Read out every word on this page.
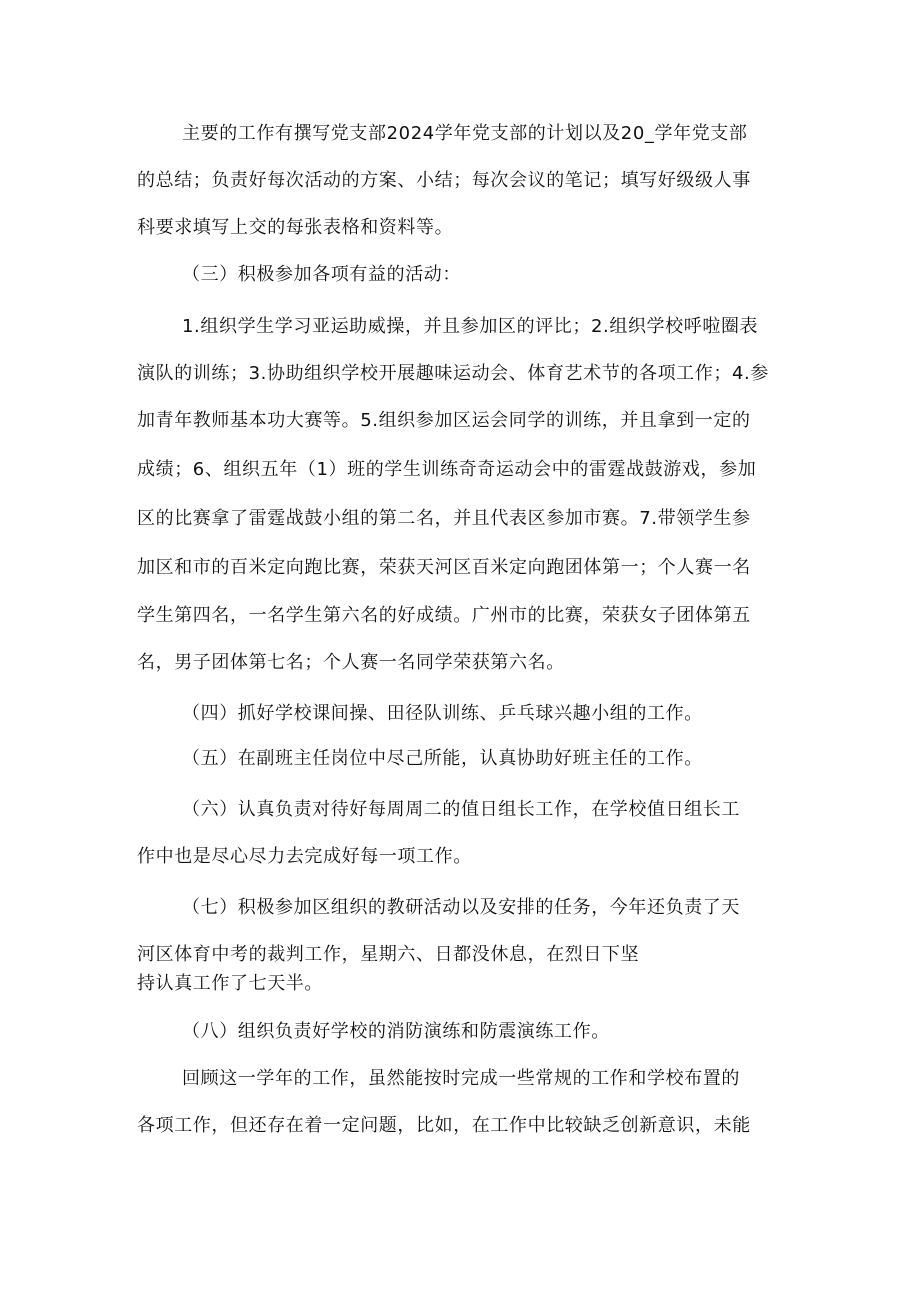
主要的工作有撰写党支部2024学年党支部的计划以及20_学年党支部
的总结；负责好每次活动的方案、小结；每次会议的笔记；填写好级级人事
科要求填写上交的每张表格和资料等。
（三）积极参加各项有益的活动：
1.组织学生学习亚运助威操，并且参加区的评比；2.组织学校呼啦圈表
演队的训练；3.协助组织学校开展趣味运动会、体育艺术节的各项工作；4.参
加青年教师基本功大赛等。5.组织参加区运会同学的训练，并且拿到一定的
成绩；6、组织五年（1）班的学生训练奇奇运动会中的雷霆战鼓游戏，参加
区的比赛拿了雷霆战鼓小组的第二名，并且代表区参加市赛。7.带领学生参
加区和市的百米定向跑比赛，荣获天河区百米定向跑团体第一；个人赛一名
学生第四名，一名学生第六名的好成绩。广州市的比赛，荣获女子团体第五
名，男子团体第七名；个人赛一名同学荣获第六名。
（四）抓好学校课间操、田径队训练、乒乓球兴趣小组的工作。
（五）在副班主任岗位中尽己所能，认真协助好班主任的工作。
（六）认真负责对待好每周周二的值日组长工作，在学校值日组长工
作中也是尽心尽力去完成好每一项工作。
（七）积极参加区组织的教研活动以及安排的任务，今年还负责了天
河区体育中考的裁判工作，星期六、日都没休息，在烈日下坚
持认真工作了七天半。
（八）组织负责好学校的消防演练和防震演练工作。
回顾这一学年的工作，虽然能按时完成一些常规的工作和学校布置的
各项工作，但还存在着一定问题，比如，在工作中比较缺乏创新意识，未能
